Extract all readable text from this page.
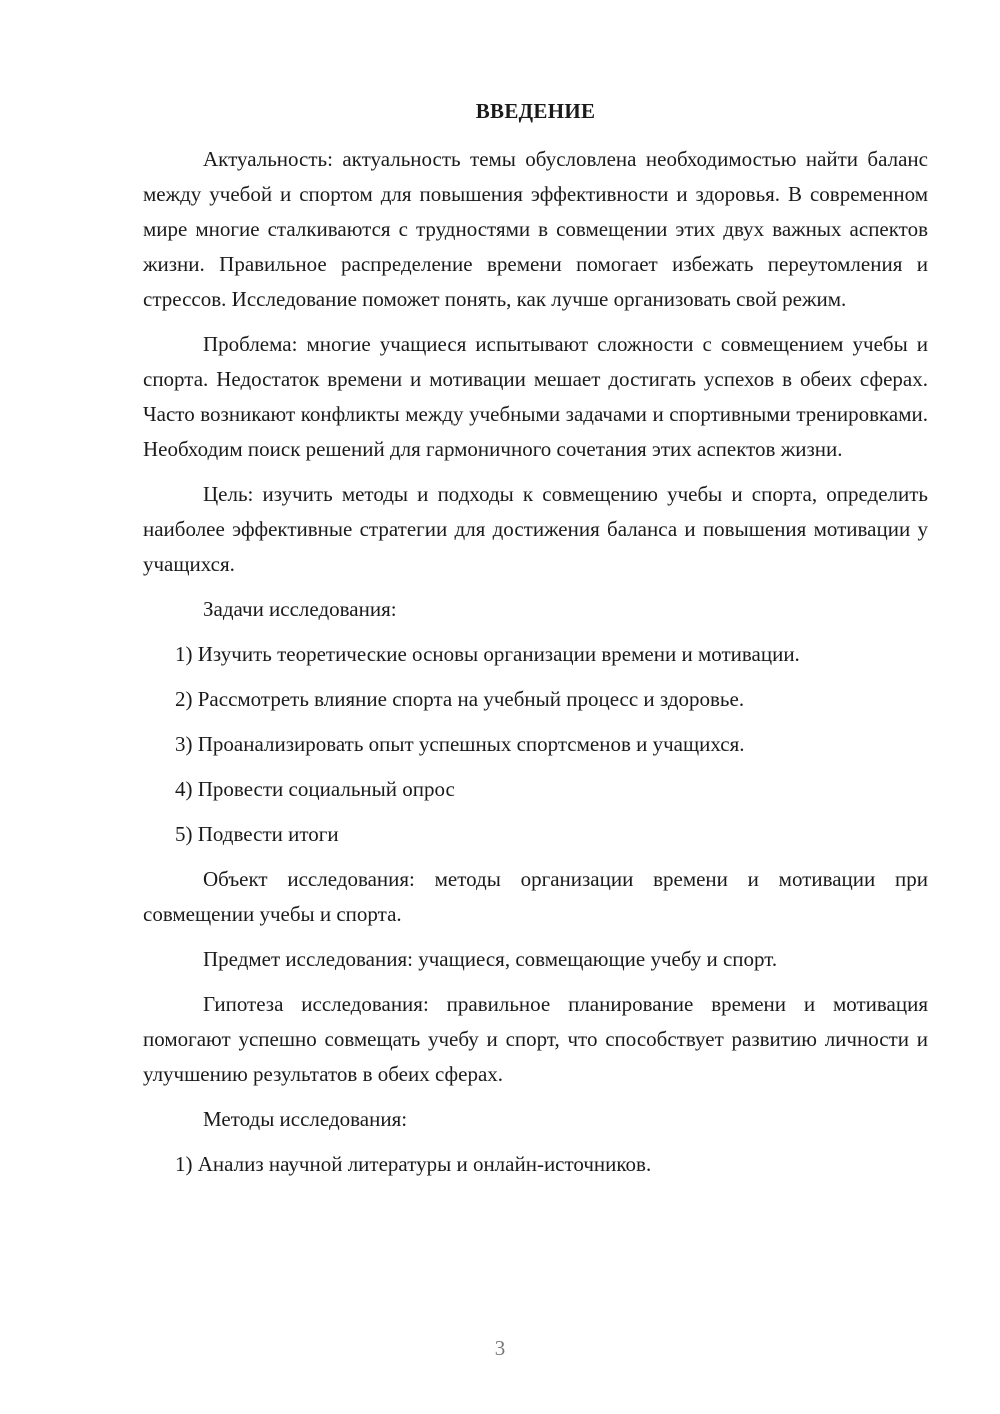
ВВЕДЕНИЕ

Актуальность: актуальность темы обусловлена необходимостью найти баланс между учебой и спортом для повышения эффективности и здоровья. В современном мире многие сталкиваются с трудностями в совмещении этих двух важных аспектов жизни. Правильное распределение времени помогает избежать переутомления и стрессов. Исследование поможет понять, как лучше организовать свой режим.

Проблема: многие учащиеся испытывают сложности с совмещением учебы и спорта. Недостаток времени и мотивации мешает достигать успехов в обеих сферах. Часто возникают конфликты между учебными задачами и спортивными тренировками. Необходим поиск решений для гармоничного сочетания этих аспектов жизни.

Цель: изучить методы и подходы к совмещению учебы и спорта, определить наиболее эффективные стратегии для достижения баланса и повышения мотивации у учащихся.

Задачи исследования:
1) Изучить теоретические основы организации времени и мотивации.
2) Рассмотреть влияние спорта на учебный процесс и здоровье.
3) Проанализировать опыт успешных спортсменов и учащихся.
4) Провести социальный опрос
5) Подвести итоги

Объект исследования: методы организации времени и мотивации при совмещении учебы и спорта.

Предмет исследования: учащиеся, совмещающие учебу и спорт.

Гипотеза исследования: правильное планирование времени и мотивация помогают успешно совмещать учебу и спорт, что способствует развитию личности и улучшению результатов в обеих сферах.

Методы исследования:
1) Анализ научной литературы и онлайн-источников.
3
